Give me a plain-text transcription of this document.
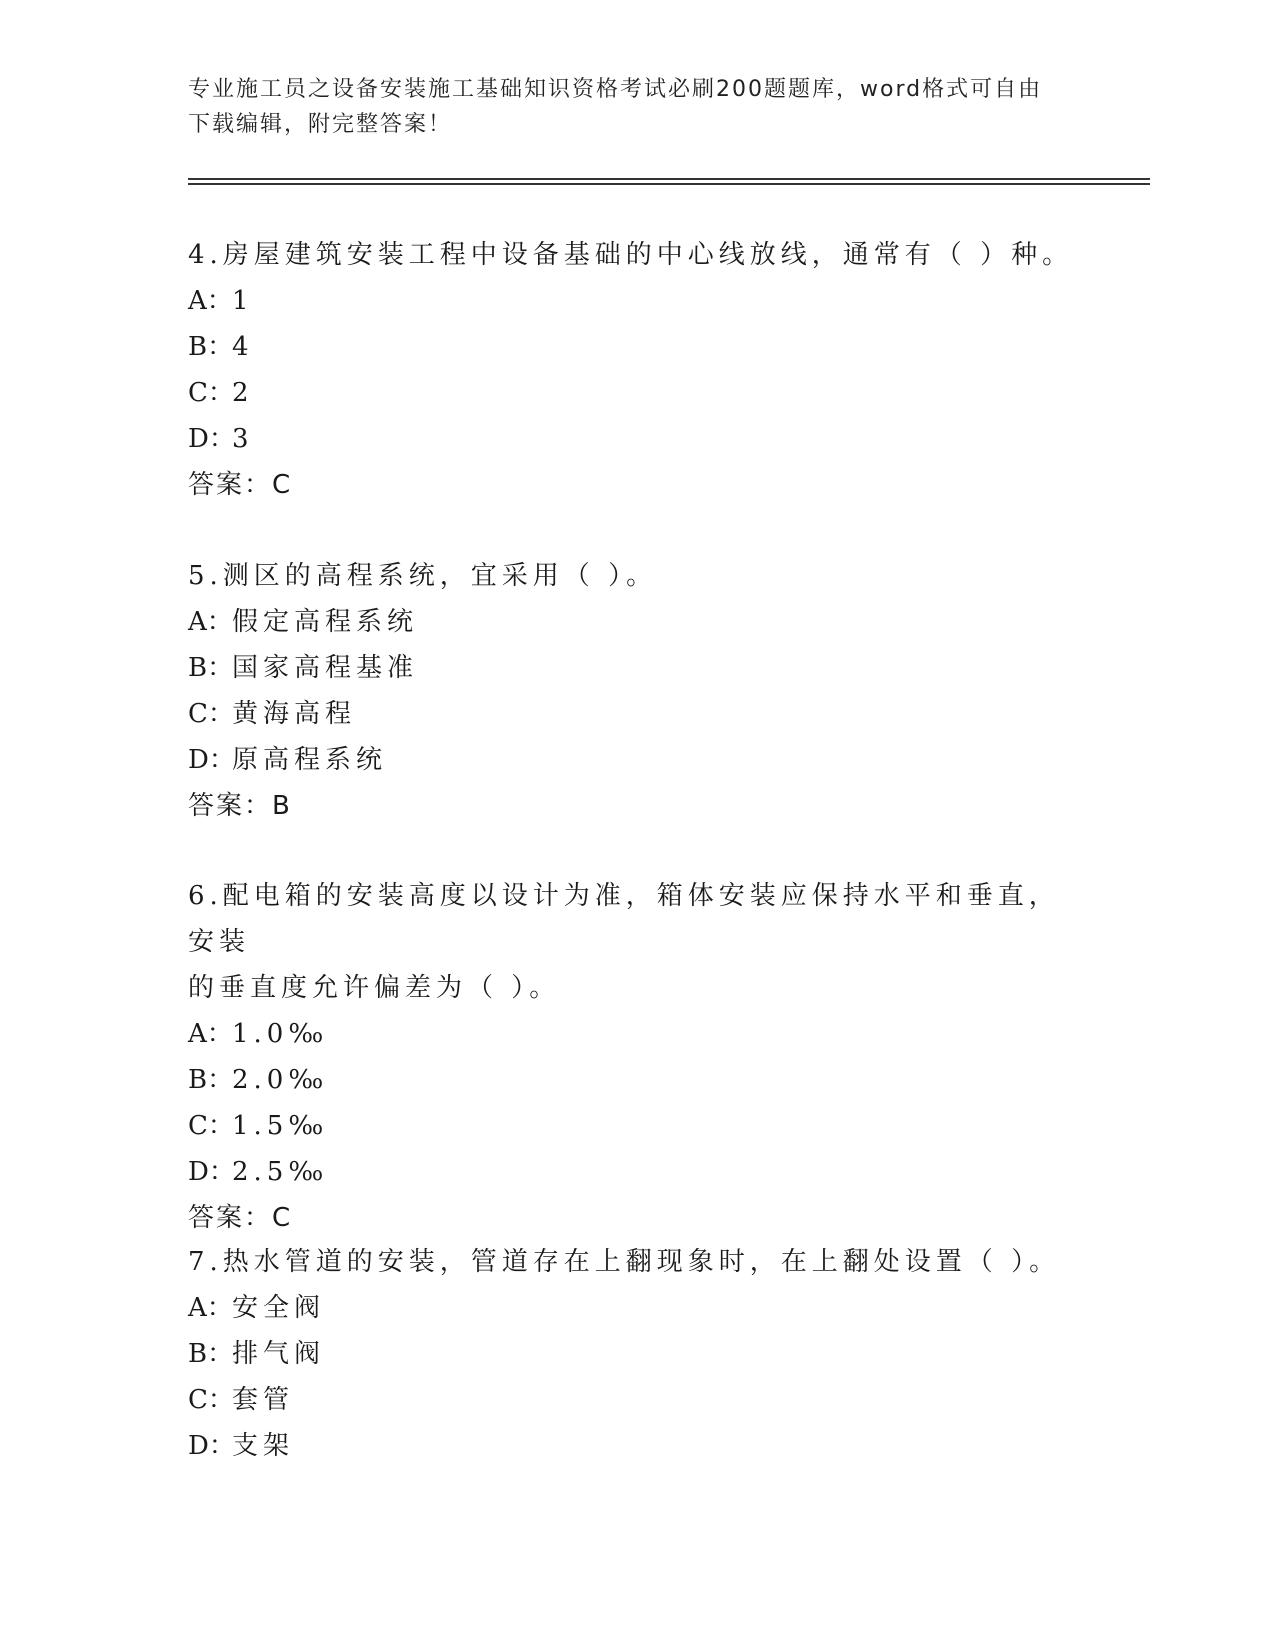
专业施工员之设备安装施工基础知识资格考试必刷200题题库，word格式可自由
下载编辑，附完整答案！

4.房屋建筑安装工程中设备基础的中心线放线，通常有（ ）种。

A：1

B：4

C：2

D：3

答案：C

5.测区的高程系统，宜采用（ ）。

A：假定高程系统

B：国家高程基准

C：黄海高程

D：原高程系统

答案：B

6.配电箱的安装高度以设计为准，箱体安装应保持水平和垂直，安装

的垂直度允许偏差为（ ）。

A：1.0‰

B：2.0‰

C：1.5‰

D：2.5‰

答案：C

7.热水管道的安装，管道存在上翻现象时，在上翻处设置（ ）。

A：安全阀

B：排气阀

C：套管

D：支架
